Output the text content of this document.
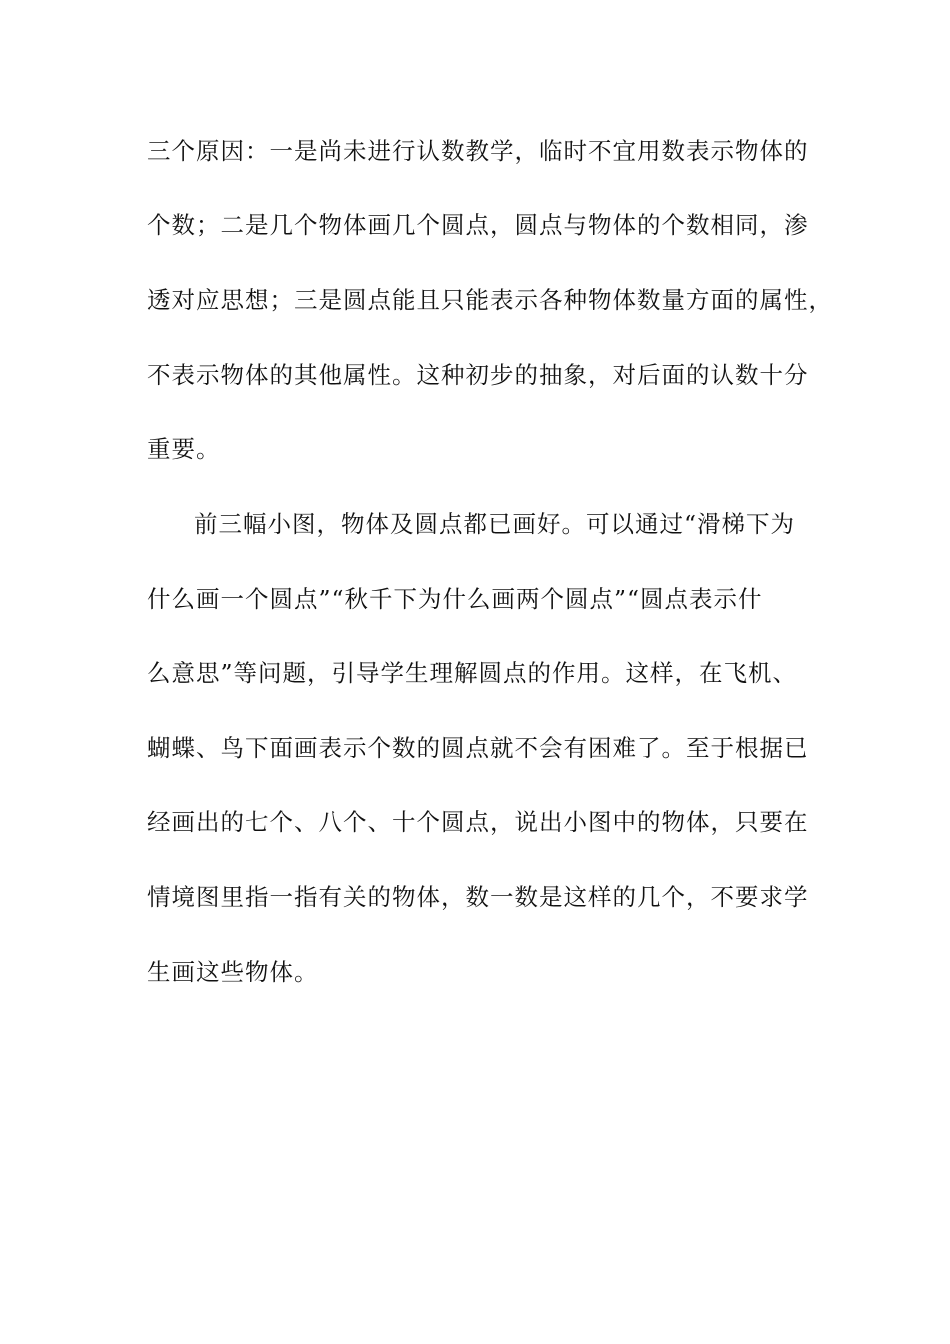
三个原因：一是尚未进行认数教学，临时不宜用数表示物体的
个数；二是几个物体画几个圆点，圆点与物体的个数相同，渗
透对应思想；三是圆点能且只能表示各种物体数量方面的属性，
不表示物体的其他属性。这种初步的抽象，对后面的认数十分
重要。
前三幅小图，物体及圆点都已画好。可以通过“滑梯下为
什么画一个圆点”“秋千下为什么画两个圆点”“圆点表示什
么意思”等问题，引导学生理解圆点的作用。这样，在飞机、
蝴蝶、鸟下面画表示个数的圆点就不会有困难了。至于根据已
经画出的七个、八个、十个圆点，说出小图中的物体，只要在
情境图里指一指有关的物体，数一数是这样的几个，不要求学
生画这些物体。
